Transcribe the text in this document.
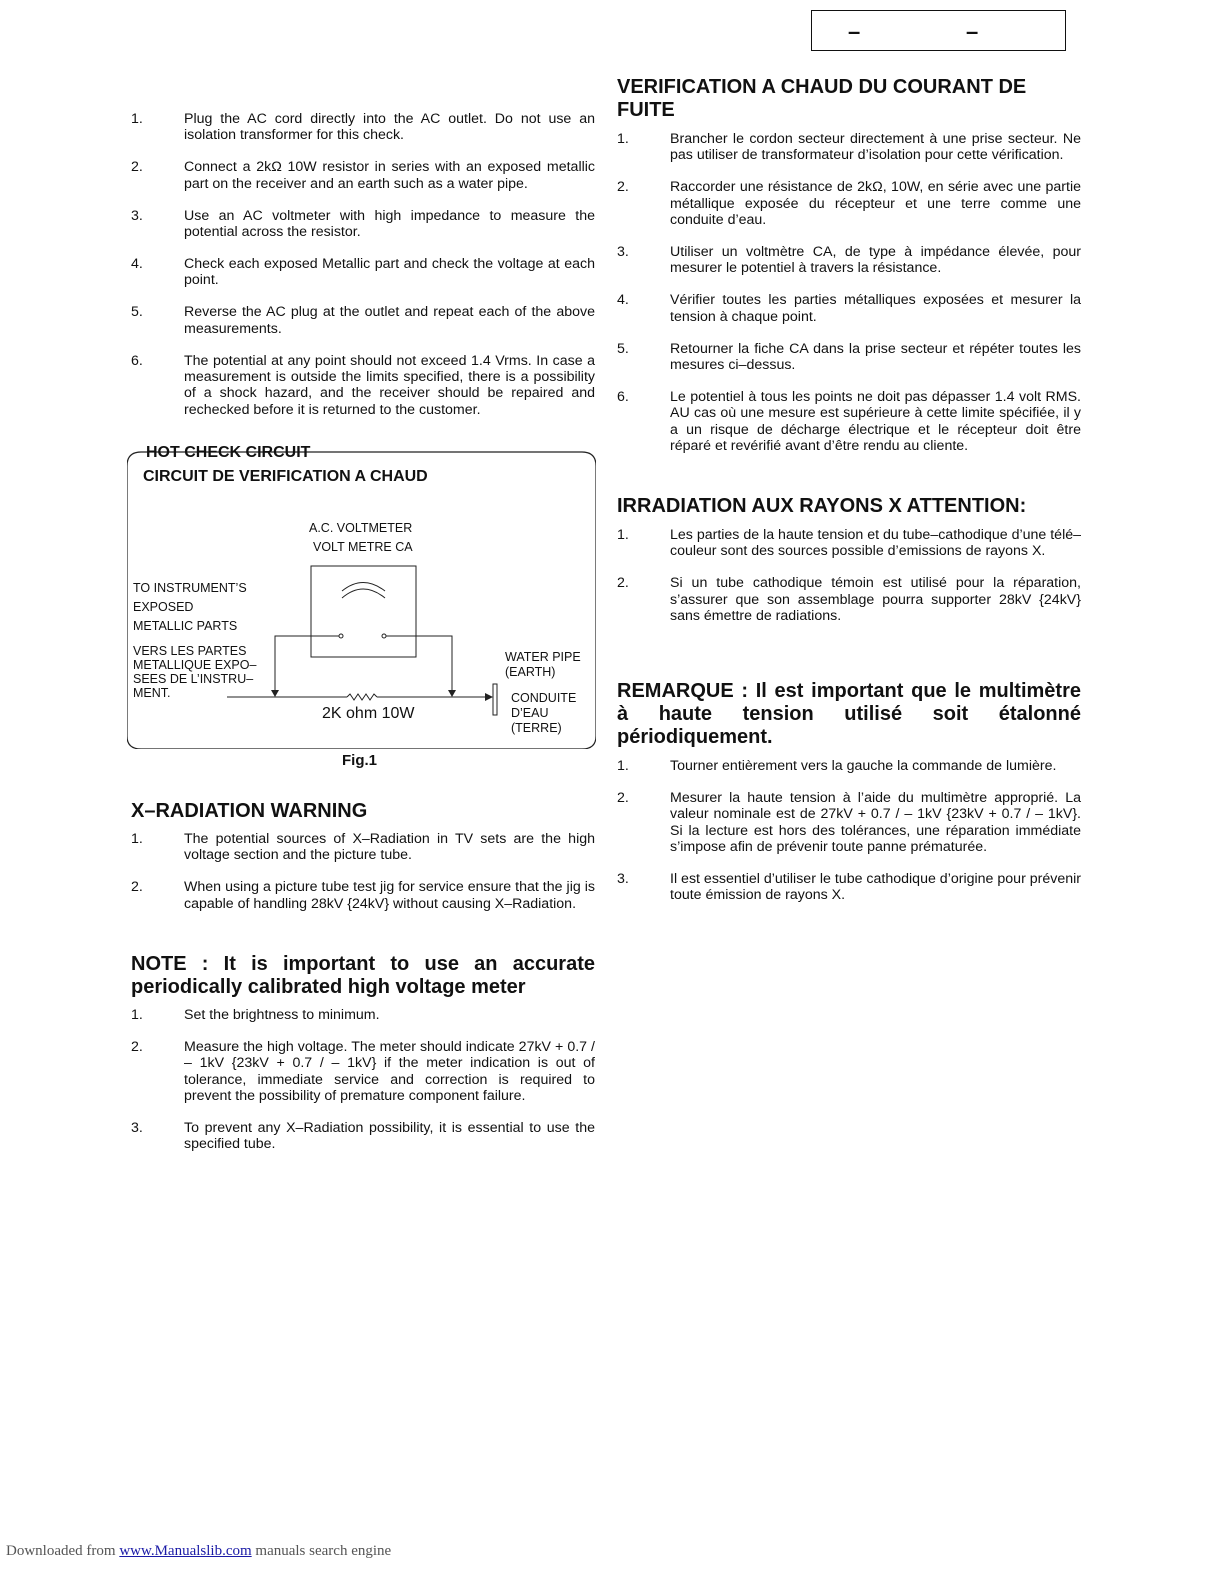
–	–
1.	Plug the AC cord directly into the AC outlet. Do not use an isolation transformer for this check.
2.	Connect a 2kΩ 10W resistor in series with an exposed metallic part on the receiver and an earth such as a water pipe.
3.	Use an AC voltmeter with high impedance to measure the potential across the resistor.
4.	Check each exposed Metallic part and check the voltage at each point.
5.	Reverse the AC plug at the outlet and repeat each of the above measurements.
6.	The potential at any point should not exceed 1.4 Vrms. In case a measurement is outside the limits specified, there is a possibility of a shock hazard, and the receiver should be repaired and rechecked before it is returned to the customer.
HOT CHECK CIRCUIT
CIRCUIT DE VERIFICATION A CHAUD
A.C. VOLTMETER
VOLT METRE CA
TO INSTRUMENT’S
EXPOSED
METALLIC PARTS
VERS LES PARTES
METALLIQUE EXPO–
SEES DE L’INSTRU–
MENT.
WATER PIPE
(EARTH)
CONDUITE
D’EAU
(TERRE)
2K ohm 10W
Fig.1
X–RADIATION WARNING
1.	The potential sources of X–Radiation in TV sets are the high voltage section and the picture tube.
2.	When using a picture tube test jig for service ensure that the jig is capable of handling 28kV {24kV} without causing X–Radiation.
NOTE : It is important to use an accurate periodically calibrated high voltage meter
1.	Set the brightness to minimum.
2.	Measure the high voltage. The meter should indicate 27kV + 0.7 / – 1kV {23kV + 0.7 / – 1kV} if the meter indication is out of tolerance, immediate service and correction is required to prevent the possibility of premature component failure.
3.	To prevent any X–Radiation possibility, it is essential to use the specified tube.
VERIFICATION A CHAUD DU COURANT DE FUITE
1.	Brancher le cordon secteur directement à une prise secteur. Ne pas utiliser de transformateur d’isolation pour cette vérification.
2.	Raccorder une résistance de 2kΩ, 10W, en série avec une partie métallique exposée du récepteur et une terre comme une conduite d’eau.
3.	Utiliser un voltmètre CA, de type à impédance élevée, pour mesurer le potentiel à travers la résistance.
4.	Vérifier toutes les parties métalliques exposées et mesurer la tension à chaque point.
5.	Retourner la fiche CA dans la prise secteur et répéter toutes les mesures ci–dessus.
6.	Le potentiel à tous les points ne doit pas dépasser 1.4 volt RMS. AU cas où une mesure est supérieure à cette limite spécifiée, il y a un risque de décharge électrique et le récepteur doit être réparé et revérifié avant d’être rendu au cliente.
IRRADIATION AUX RAYONS X ATTENTION:
1.	Les parties de la haute tension et du tube–cathodique d’une télé–couleur sont des sources possible d’emissions de rayons X.
2.	Si un tube cathodique témoin est utilisé pour la réparation, s’assurer que son assemblage pourra supporter 28kV {24kV} sans émettre de radiations.
REMARQUE : Il est important que le multimètre à haute tension utilisé soit étalonné périodiquement.
1.	Tourner entièrement vers la gauche la commande de lumière.
2.	Mesurer la haute tension à l’aide du multimètre approprié. La valeur nominale est de 27kV + 0.7 / – 1kV {23kV + 0.7 / – 1kV}. Si la lecture est hors des tolérances, une réparation immédiate s’impose afin de prévenir toute panne prématurée.
3.	Il est essentiel d’utiliser le tube cathodique d’origine pour prévenir toute émission de rayons X.
Downloaded from www.Manualslib.com manuals search engine
